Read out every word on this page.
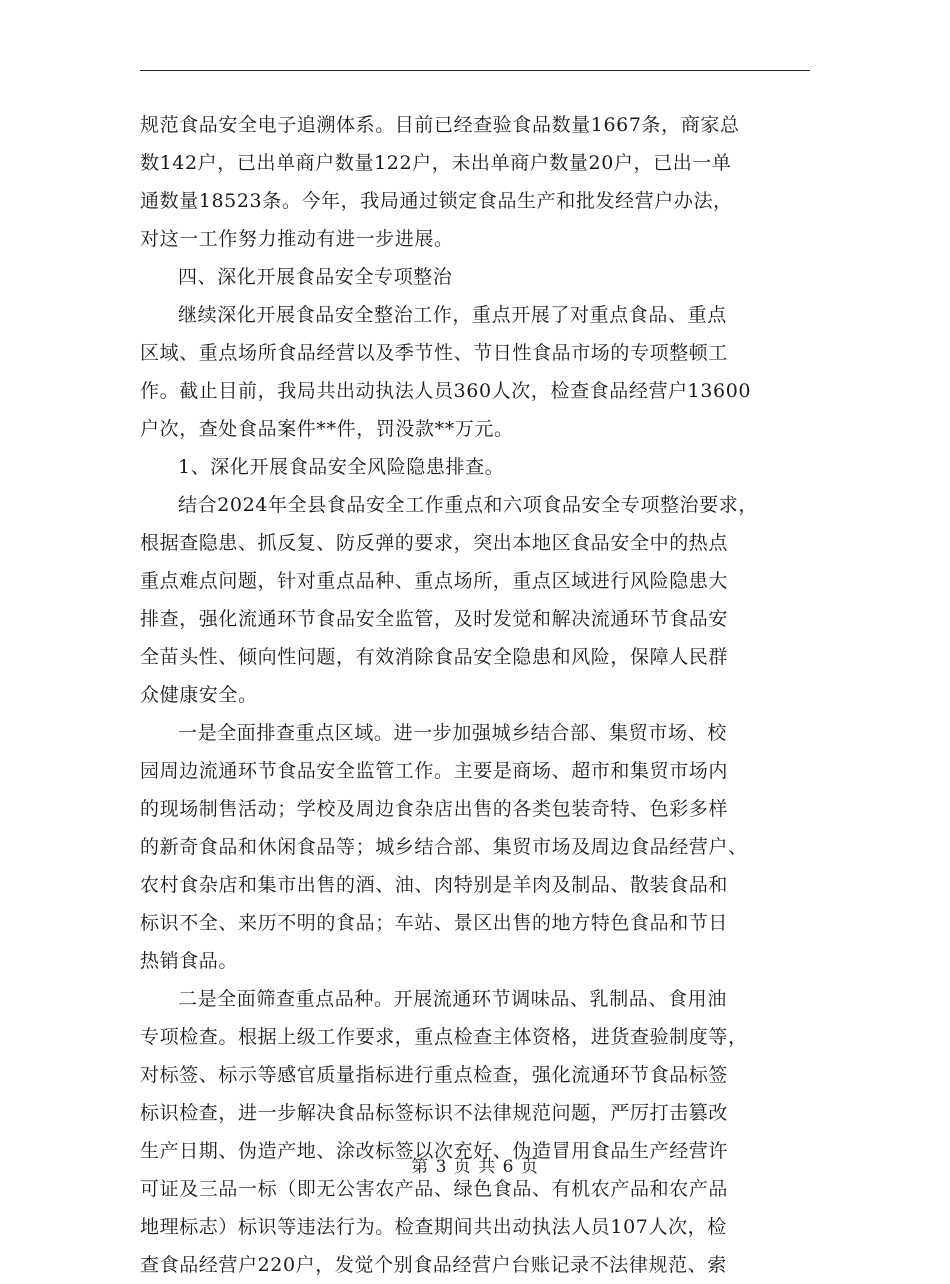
规范食品安全电子追溯体系。目前已经查验食品数量1667条，商家总
数142户，已出单商户数量122户，未出单商户数量20户，已出一单
通数量18523条。今年，我局通过锁定食品生产和批发经营户办法，
对这一工作努力推动有进一步进展。
四、深化开展食品安全专项整治
继续深化开展食品安全整治工作，重点开展了对重点食品、重点
区域、重点场所食品经营以及季节性、节日性食品市场的专项整顿工
作。截止目前，我局共出动执法人员360人次，检查食品经营户13600
户次，查处食品案件**件，罚没款**万元。
1、深化开展食品安全风险隐患排查。
结合2024年全县食品安全工作重点和六项食品安全专项整治要求，
根据查隐患、抓反复、防反弹的要求，突出本地区食品安全中的热点
重点难点问题，针对重点品种、重点场所，重点区域进行风险隐患大
排查，强化流通环节食品安全监管，及时发觉和解决流通环节食品安
全苗头性、倾向性问题，有效消除食品安全隐患和风险，保障人民群
众健康安全。
一是全面排查重点区域。进一步加强城乡结合部、集贸市场、校
园周边流通环节食品安全监管工作。主要是商场、超市和集贸市场内
的现场制售活动；学校及周边食杂店出售的各类包装奇特、色彩多样
的新奇食品和休闲食品等；城乡结合部、集贸市场及周边食品经营户、
农村食杂店和集市出售的酒、油、肉特别是羊肉及制品、散装食品和
标识不全、来历不明的食品；车站、景区出售的地方特色食品和节日
热销食品。
二是全面筛查重点品种。开展流通环节调味品、乳制品、食用油
专项检查。根据上级工作要求，重点检查主体资格，进货查验制度等，
对标签、标示等感官质量指标进行重点检查，强化流通环节食品标签
标识检查，进一步解决食品标签标识不法律规范问题，严厉打击篡改
生产日期、伪造产地、涂改标签以次充好、伪造冒用食品生产经营许
可证及三品一标（即无公害农产品、绿色食品、有机农产品和农产品
地理标志）标识等违法行为。检查期间共出动执法人员107人次，检
查食品经营户220户，发觉个别食品经营户台账记录不法律规范、索
第 3 页 共 6 页
